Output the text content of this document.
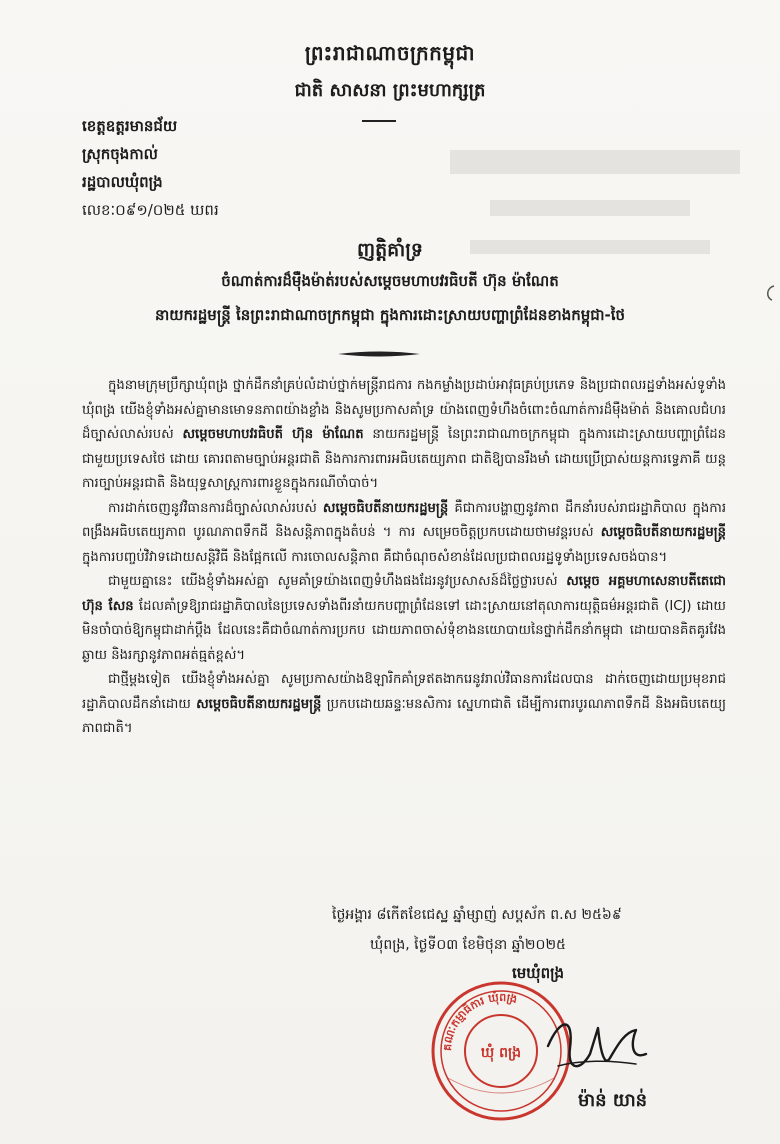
ព្រះរាជាណាចក្រកម្ពុជា
ជាតិ សាសនា ព្រះមហាក្សត្រ
ខេត្តឧត្ដរមានជ័យ
ស្រុកចុងកាល់
រដ្ឋបាលឃុំពង្រ
លេខៈ០៩១/០២៥ ឃពរ
ញត្តិគាំទ្រ
ចំណាត់ការដ៏ម៉ឺងម៉ាត់របស់សម្តេចមហាបវរធិបតី ហ៊ុន ម៉ាណែត
នាយករដ្ឋមន្ត្រី នៃព្រះរាជាណាចក្រកម្ពុជា ក្នុងការដោះស្រាយបញ្ហាព្រំដែនខាងកម្ពុជា-ថៃ

ក្នុងនាមក្រុមប្រឹក្សាឃុំពង្រ ថ្នាក់ដឹកនាំគ្រប់លំដាប់ថ្នាក់មន្ត្រីរាជការ កងកម្លាំងប្រដាប់អាវុធគ្រប់ប្រភេទ និងប្រជាពលរដ្ឋទាំងអស់ទូទាំងឃុំពង្រ យើងខ្ញុំទាំងអស់គ្នាមានមោទនភាពយ៉ាងខ្លាំង និងសូមប្រកាសគាំទ្រ យ៉ាងពេញទំហឹងចំពោះចំណាត់ការដ៏ម៉ឺងម៉ាត់ និងគោលជំហរដ៏ច្បាស់លាស់របស់ សម្តេចមហាបវរធិបតី ហ៊ុន ម៉ាណែត នាយករដ្ឋមន្ត្រី នៃព្រះរាជាណាចក្រកម្ពុជា ក្នុងការដោះស្រាយបញ្ហាព្រំដែនជាមួយប្រទេសថៃ ដោយ គោរពតាមច្បាប់អន្តរជាតិ និងការការពារអធិបតេយ្យភាព ជាតិឱ្យបានរឹងមាំ ដោយប្រើប្រាស់យន្តការទ្វេភាគី យន្ត ការច្បាប់អន្តរជាតិ និងយុទ្ធសាស្ត្រការពារខ្លួនក្នុងករណីចាំបាច់។

ការដាក់ចេញនូវវិធានការដ៏ច្បាស់លាស់របស់ សម្តេចធិបតីនាយករដ្ឋមន្ត្រី គឺជាការបង្ហាញនូវភាព ដឹកនាំរបស់រាជរដ្ឋាភិបាល ក្នុងការពង្រឹងអធិបតេយ្យភាព បូរណភាពទឹកដី និងសន្តិភាពក្នុងតំបន់ ។ ការ សម្រេចចិត្តប្រកបដោយថាមវន្តរបស់ សម្តេចធិបតីនាយករដ្ឋមន្ត្រី ក្នុងការបញ្ចប់វិវាទដោយសន្តិវិធី និងផ្អែកលើ ការចោលសន្តិភាព គឺជាចំណុចសំខាន់ដែលប្រជាពលរដ្ឋទូទាំងប្រទេសចង់បាន។

ជាមួយគ្នានេះ យើងខ្ញុំទាំងអស់គ្នា សូមគាំទ្រយ៉ាងពេញទំហឹងផងដែរនូវប្រសាសន៍ដ៏ថ្លៃថ្លារបស់ សម្តេច អគ្គមហាសេនាបតីតេជោ ហ៊ុន សែន ដែលគាំទ្រឱ្យរាជរដ្ឋាភិបាលនៃប្រទេសទាំងពីរនាំយកបញ្ហាព្រំដែនទៅ ដោះស្រាយនៅតុលាការយុត្តិធម៌អន្តរជាតិ (ICJ) ដោយមិនចាំបាច់ឱ្យកម្ពុជាដាក់ប្តឹង ដែលនេះគឺជាចំណាត់ការប្រកប ដោយភាពចាស់ទុំខាងនយោបាយនៃថ្នាក់ដឹកនាំកម្ពុជា ដោយបានគិតគូរវែងឆ្ងាយ និងរក្សានូវភាពអត់ធ្មត់ខ្ពស់។

ជាថ្មីម្តងទៀត យើងខ្ញុំទាំងអស់គ្នា សូមប្រកាសយ៉ាងឱឡារិកគាំទ្រឥតងាករេនូវរាល់វិធានការដែលបាន ដាក់ចេញដោយប្រមុខរាជរដ្ឋាភិបាលដឹកនាំដោយ សម្តេចធិបតីនាយករដ្ឋមន្ត្រី ប្រកបដោយឆន្ទៈមនសិការ ស្នេហាជាតិ ដើម្បីការពារបូរណភាពទឹកដី និងអធិបតេយ្យភាពជាតិ។

ថ្ងៃអង្គារ ៨កើតខែជេស្ឋ ឆ្នាំម្សាញ់ សប្តស័ក ព.ស ២៥៦៩
ឃុំពង្រ, ថ្ងៃទី០៣ ខែមិថុនា ឆ្នាំ២០២៥
មេឃុំពង្រ
គណៈកម្មាធិការ ឃុំពង្រ
ឃុំ ពង្រ
ម៉ាន់ យាន់
